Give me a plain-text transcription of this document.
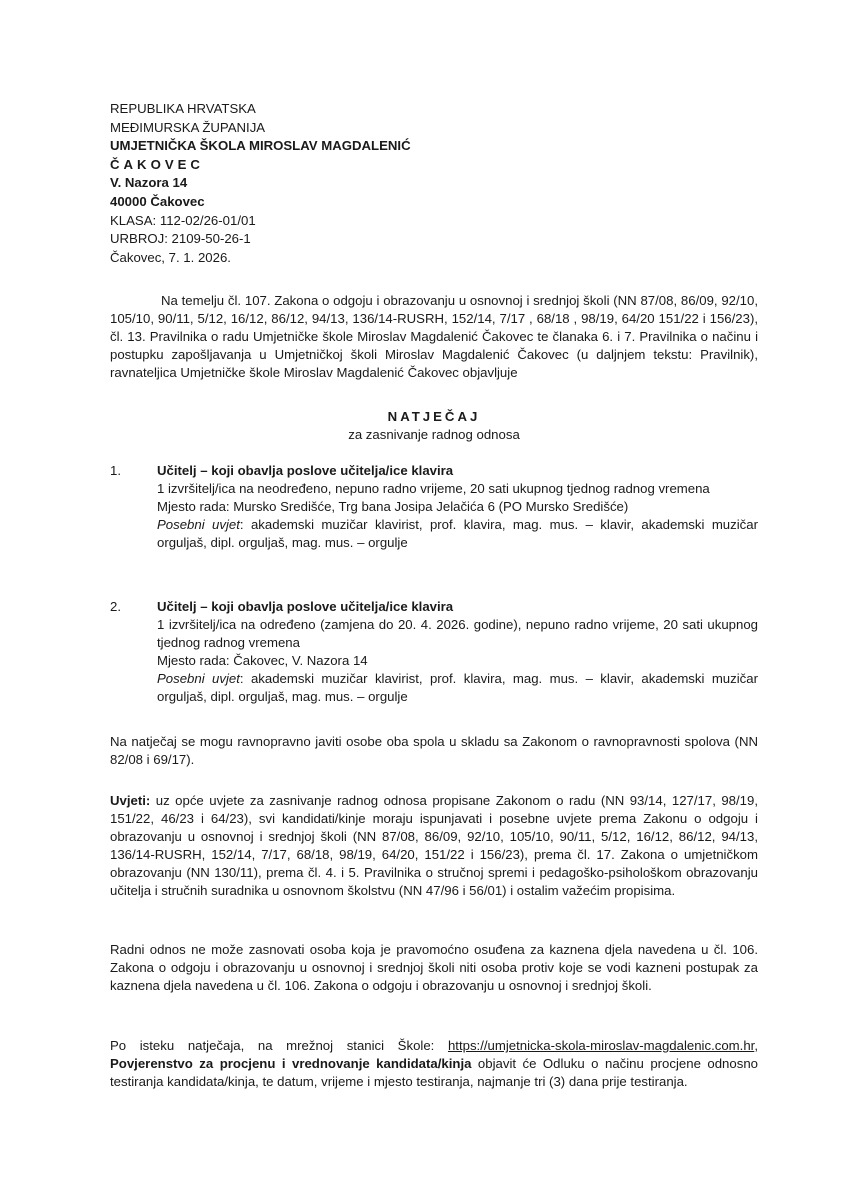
REPUBLIKA HRVATSKA
MEĐIMURSKA ŽUPANIJA
UMJETNIČKA ŠKOLA MIROSLAV MAGDALENIĆ
ČAKOVEC
V. Nazora 14
40000 Čakovec
KLASA: 112-02/26-01/01
URBROJ: 2109-50-26-1
Čakovec, 7. 1. 2026.

Na temelju čl. 107. Zakona o odgoju i obrazovanju u osnovnoj i srednjoj školi (NN 87/08, 86/09, 92/10, 105/10, 90/11, 5/12, 16/12, 86/12, 94/13, 136/14-RUSRH, 152/14, 7/17 , 68/18 , 98/19, 64/20 151/22 i 156/23), čl. 13. Pravilnika o radu Umjetničke škole Miroslav Magdalenić Čakovec te članaka 6. i 7. Pravilnika o načinu i postupku zapošljavanja u Umjetničkoj školi Miroslav Magdalenić Čakovec (u daljnjem tekstu: Pravilnik), ravnateljica Umjetničke škole Miroslav Magdalenić Čakovec objavljuje

NATJEČAJ
za zasnivanje radnog odnosa
1.	Učitelj – koji obavlja poslove učitelja/ice klavira
1 izvršitelj/ica na neodređeno, nepuno radno vrijeme, 20 sati ukupnog tjednog radnog vremena
Mjesto rada: Mursko Središće, Trg bana Josipa Jelačića 6 (PO Mursko Središće)
Posebni uvjet: akademski muzičar klavirist, prof. klavira, mag. mus. – klavir, akademski muzičar orguljaš, dipl. orguljaš, mag. mus. – orgulje
2.	Učitelj – koji obavlja poslove učitelja/ice klavira
1 izvršitelj/ica na određeno (zamjena do 20. 4. 2026. godine), nepuno radno vrijeme, 20 sati ukupnog tjednog radnog vremena
Mjesto rada: Čakovec, V. Nazora 14
Posebni uvjet: akademski muzičar klavirist, prof. klavira, mag. mus. – klavir, akademski muzičar orguljaš, dipl. orguljaš, mag. mus. – orgulje

Na natječaj se mogu ravnopravno javiti osobe oba spola u skladu sa Zakonom o ravnopravnosti spolova (NN 82/08 i 69/17).

Uvjeti: uz opće uvjete za zasnivanje radnog odnosa propisane Zakonom o radu (NN 93/14, 127/17, 98/19, 151/22, 46/23 i 64/23), svi kandidati/kinje moraju ispunjavati i posebne uvjete prema Zakonu o odgoju i obrazovanju u osnovnoj i srednjoj školi (NN 87/08, 86/09, 92/10, 105/10, 90/11, 5/12, 16/12, 86/12, 94/13, 136/14-RUSRH, 152/14, 7/17, 68/18, 98/19, 64/20, 151/22 i 156/23), prema čl. 17. Zakona o umjetničkom obrazovanju (NN 130/11), prema čl. 4. i 5. Pravilnika o stručnoj spremi i pedagoško-psihološkom obrazovanju učitelja i stručnih suradnika u osnovnom školstvu (NN 47/96 i 56/01) i ostalim važećim propisima.

Radni odnos ne može zasnovati osoba koja je pravomoćno osuđena za kaznena djela navedena u čl. 106. Zakona o odgoju i obrazovanju u osnovnoj i srednjoj školi niti osoba protiv koje se vodi kazneni postupak za kaznena djela navedena u čl. 106. Zakona o odgoju i obrazovanju u osnovnoj i srednjoj školi.

Po isteku natječaja, na mrežnoj stanici Škole: https://umjetnicka-skola-miroslav-magdalenic.com.hr, Povjerenstvo za procjenu i vrednovanje kandidata/kinja objavit će Odluku o načinu procjene odnosno testiranja kandidata/kinja, te datum, vrijeme i mjesto testiranja, najmanje tri (3) dana prije testiranja.
